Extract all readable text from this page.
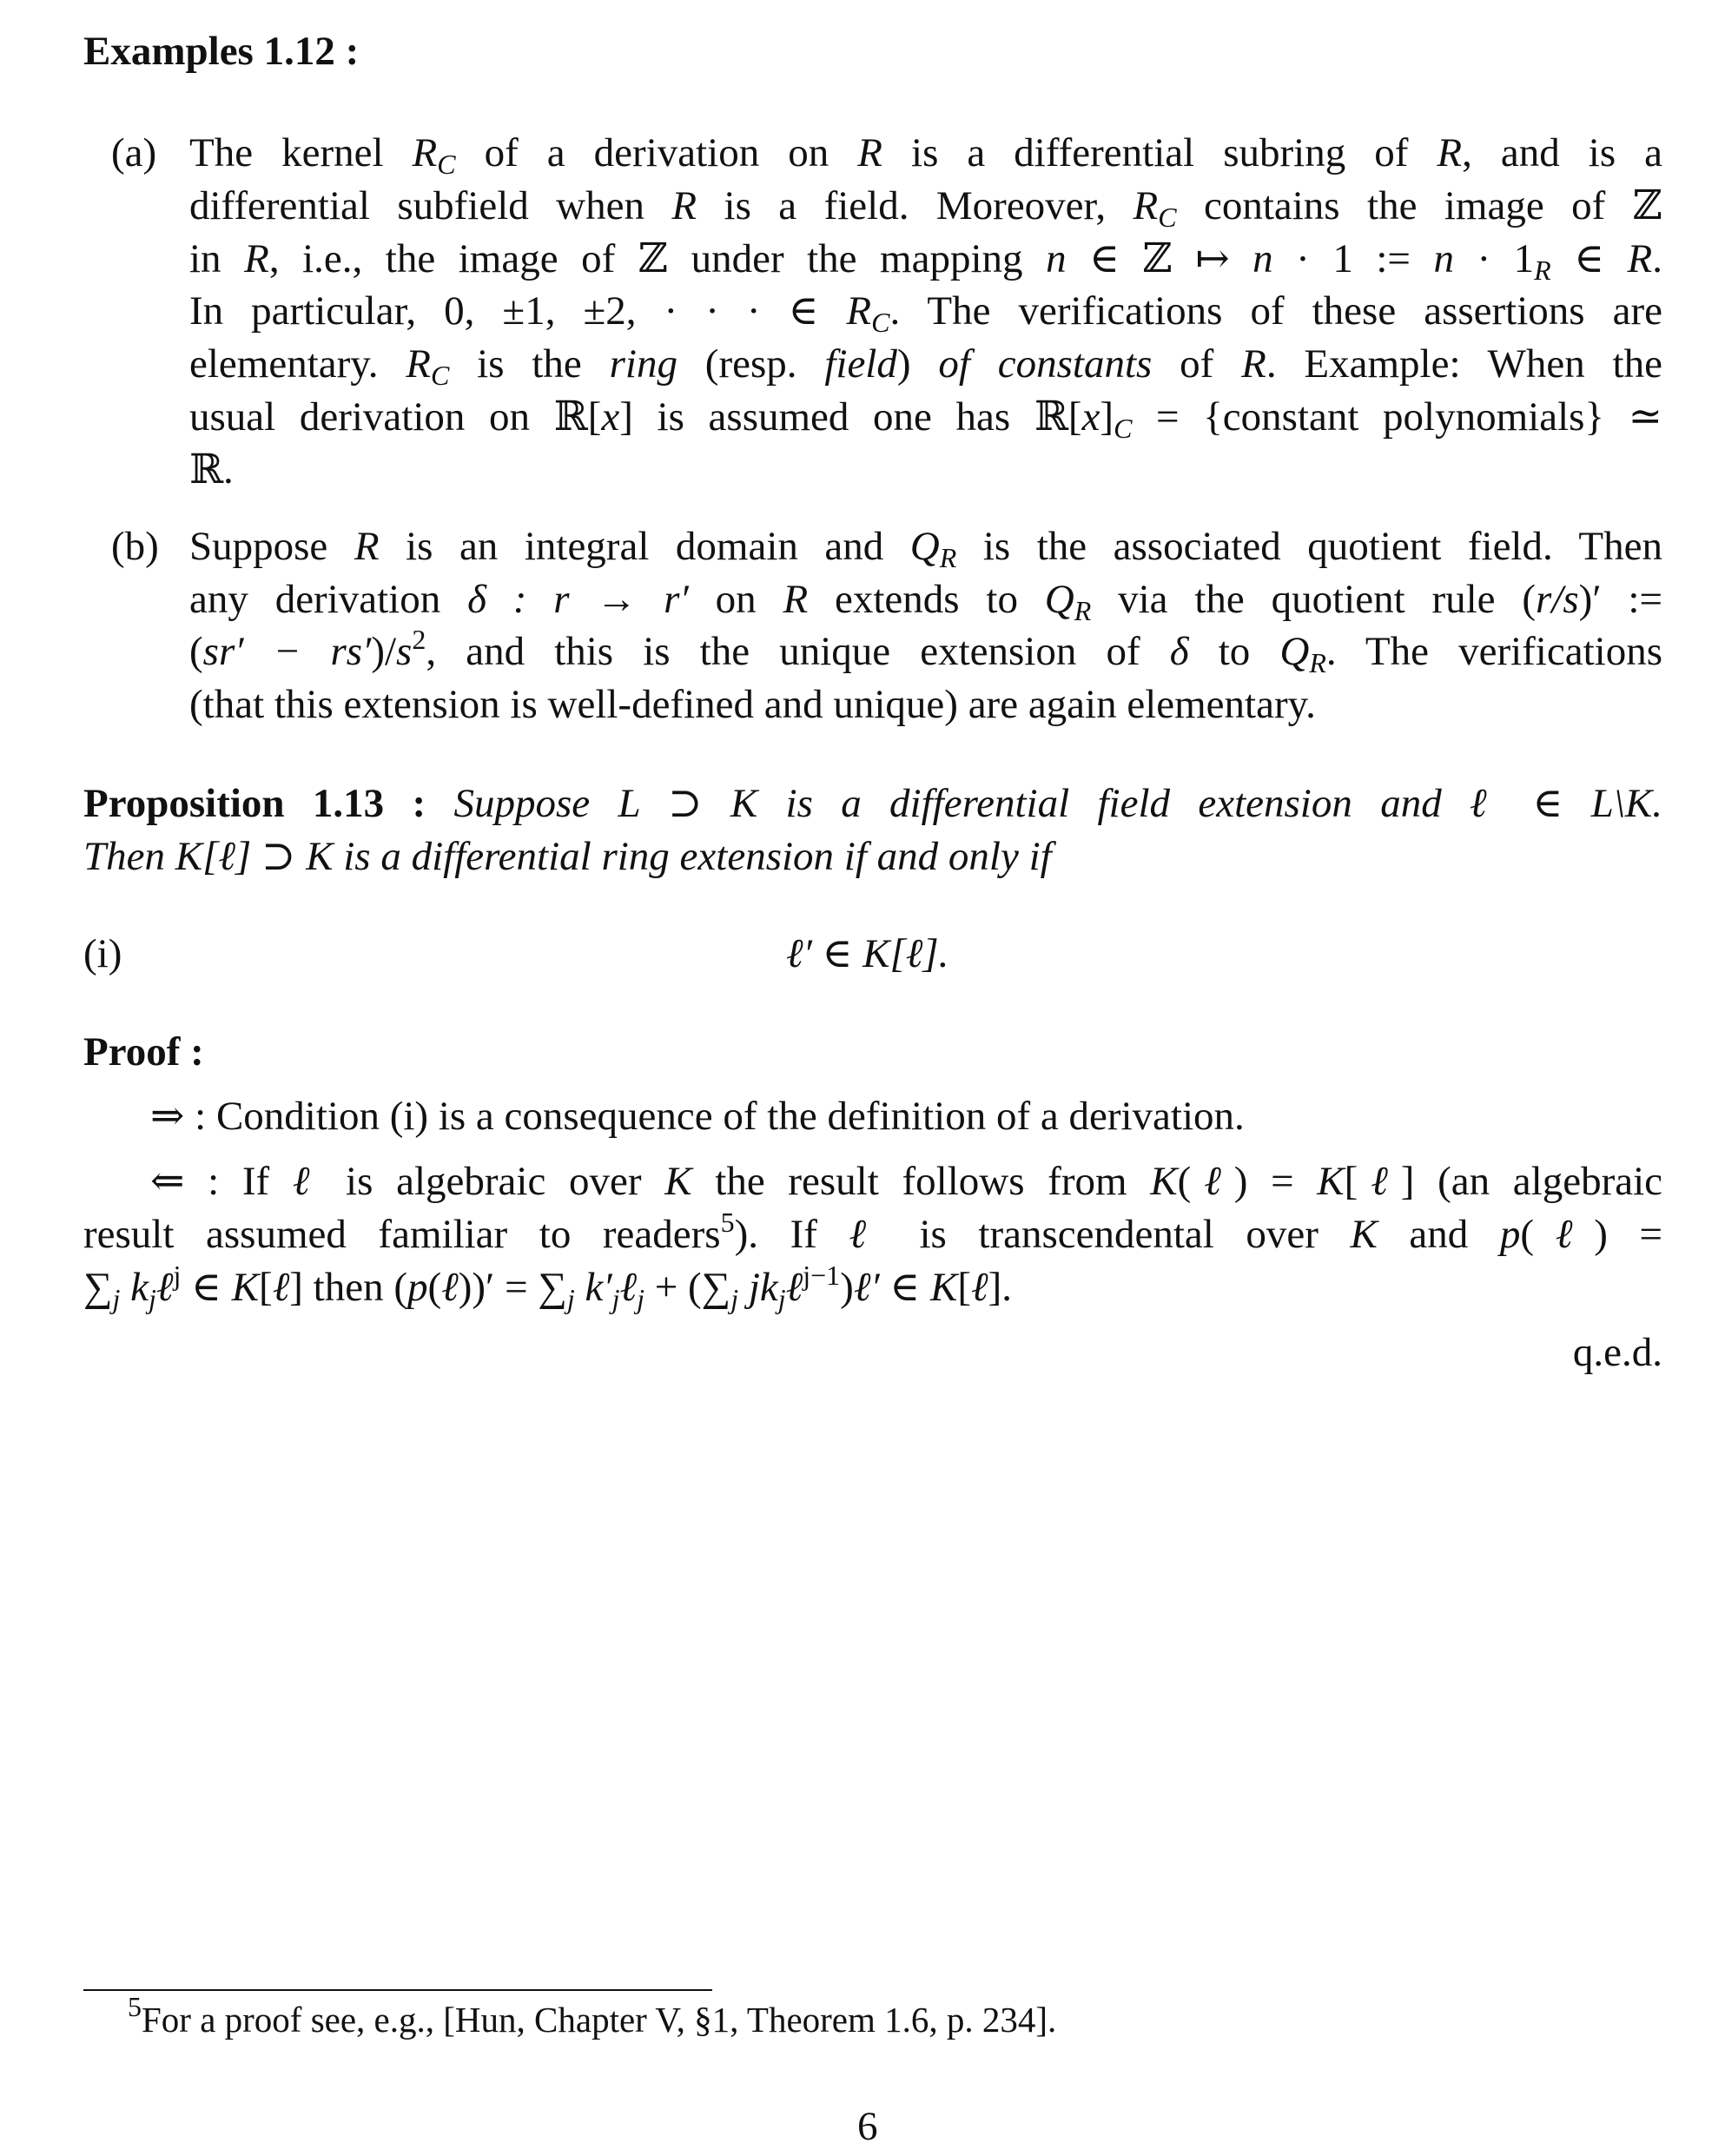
Examples 1.12 :
(a) The kernel RC of a derivation on R is a differential subring of R, and is a
differential subfield when R is a field. Moreover, RC contains the image of ℤ
in R, i.e., the image of ℤ under the mapping n ∈ ℤ ↦ n · 1 := n · 1R ∈ R.
In particular, 0, ±1, ±2, · · · ∈ RC. The verifications of these assertions are
elementary. RC is the ring (resp. field) of constants of R. Example: When the
usual derivation on ℝ[x] is assumed one has ℝ[x]C = {constant polynomials} ≃
ℝ.
(b) Suppose R is an integral domain and QR is the associated quotient field. Then
any derivation δ : r → r′ on R extends to QR via the quotient rule (r/s)′ :=
$(sr' - rs')/s^2$, and this is the unique extension of δ to QR. The verifications
(that this extension is well-defined and unique) are again elementary.
Proposition 1.13 : Suppose L ⊃ K is a differential field extension and ℓ ∈ L\K.
Then K[ℓ] ⊃ K is a differential ring extension if and only if
(i)	ℓ′ ∈ K[ℓ].
Proof :
⇒ : Condition (i) is a consequence of the definition of a derivation.
⇐ : If ℓ is algebraic over K the result follows from K(ℓ) = K[ℓ] (an algebraic
result assumed familiar to readers$^5$). If ℓ is transcendental over K and p(ℓ) =
∑j kjℓ$^j$ ∈ K[ℓ] then (p(ℓ))′ = ∑j k′jℓj + (∑j jkjℓ$^{j-1}$)ℓ′ ∈ K[ℓ].
q.e.d.
$^5$For a proof see, e.g., [Hun, Chapter V, §1, Theorem 1.6, p. 234].
6
